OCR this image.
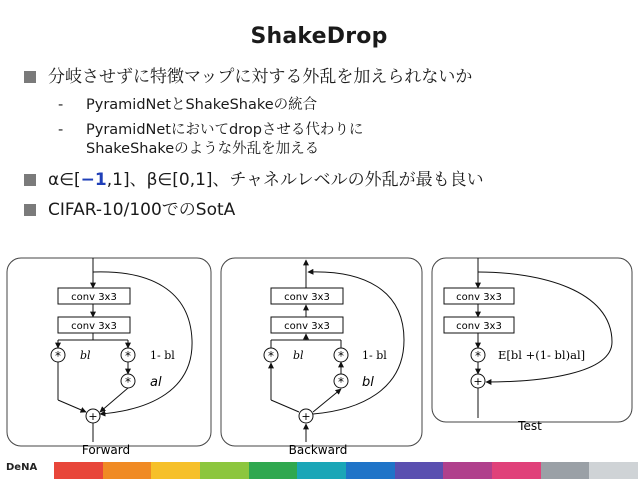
ShakeDrop
分岐させずに特徴マップに対する外乱を加えられないか
- PyramidNetとShakeShakeの統合
- PyramidNetにおいてdropさせる代わりに
ShakeShakeのような外乱を加える
α∈[−1,1]、β∈[0,1]、チャネルレベルの外乱が最も良い
CIFAR-10/100でのSotA
conv 3x3
conv 3x3
* bl	* 1- bl
* al
+
Forward
conv 3x3
conv 3x3
* bl	* 1- bl
* bl
+
Backward
conv 3x3
conv 3x3
* E[bl +(1- bl)al]
+
Test
DeNA
